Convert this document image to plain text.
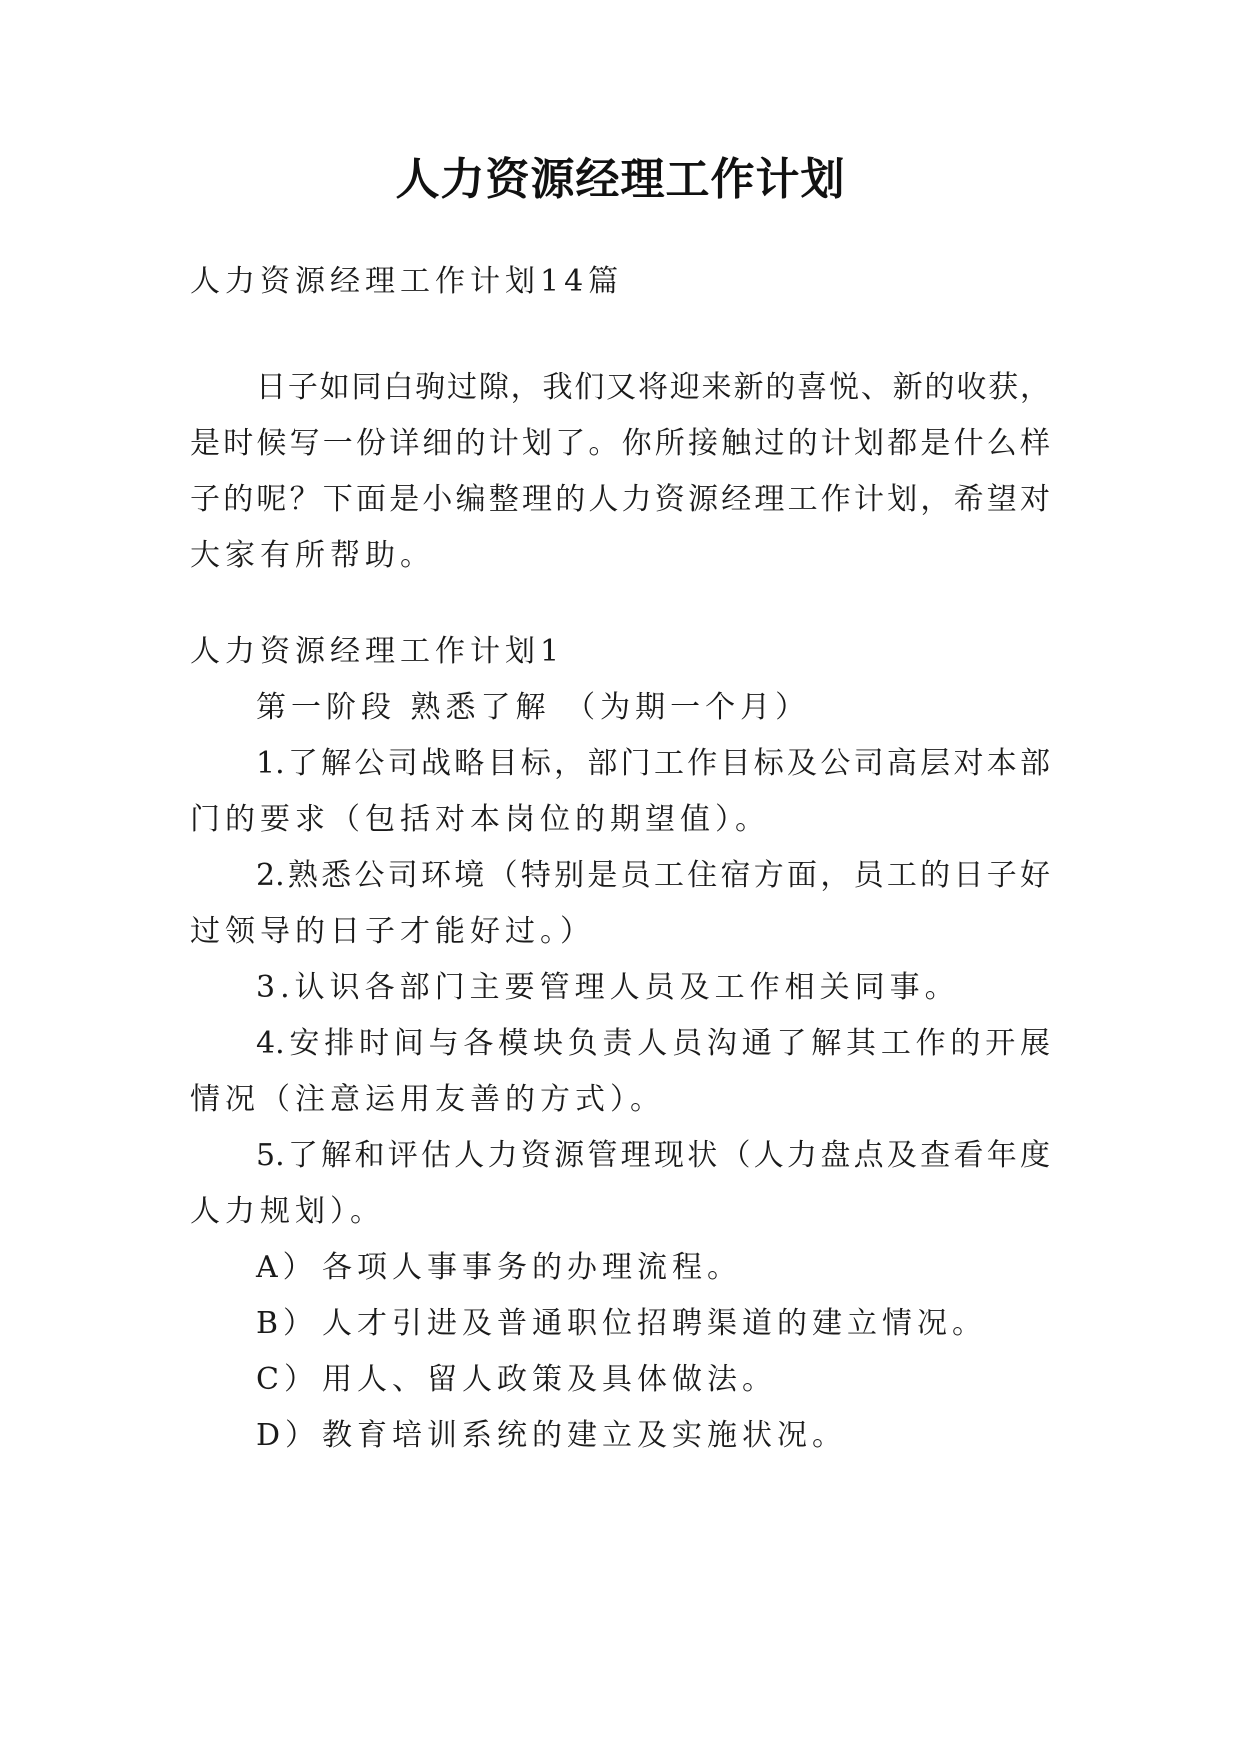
人力资源经理工作计划
人力资源经理工作计划14篇
日子如同白驹过隙，我们又将迎来新的喜悦、新的收获，
是时候写一份详细的计划了。你所接触过的计划都是什么样
子的呢？下面是小编整理的人力资源经理工作计划，希望对
大家有所帮助。
人力资源经理工作计划1
第一阶段 熟悉了解 （为期一个月）
1.了解公司战略目标，部门工作目标及公司高层对本部
门的要求（包括对本岗位的期望值）。
2.熟悉公司环境（特别是员工住宿方面，员工的日子好
过领导的日子才能好过。）
3.认识各部门主要管理人员及工作相关同事。
4.安排时间与各模块负责人员沟通了解其工作的开展
情况（注意运用友善的方式）。
5.了解和评估人力资源管理现状（人力盘点及查看年度
人力规划）。
A） 各项人事事务的办理流程。
B） 人才引进及普通职位招聘渠道的建立情况。
C） 用人、留人政策及具体做法。
D）教育培训系统的建立及实施状况。
